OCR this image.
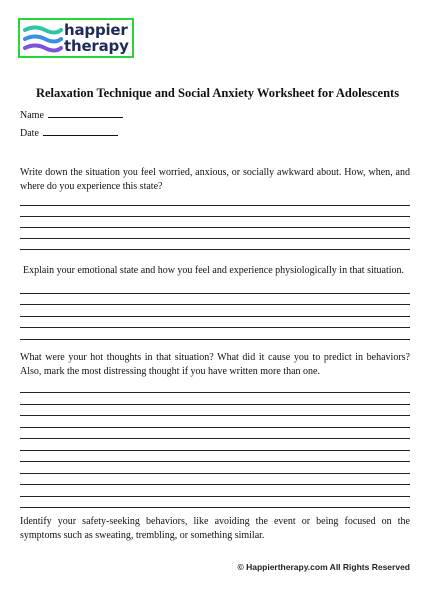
happier
therapy
Relaxation Technique and Social Anxiety Worksheet for Adolescents
Name
Date
Write down the situation you feel worried, anxious, or socially awkward about. How, when, and where do you experience this state?
Explain your emotional state and how you feel and experience physiologically in that situation.
What were your hot thoughts in that situation? What did it cause you to predict in behaviors? Also, mark the most distressing thought if you have written more than one.
Identify your safety-seeking behaviors, like avoiding the event or being focused on the symptoms such as sweating, trembling, or something similar.
© Happiertherapy.com All Rights Reserved
